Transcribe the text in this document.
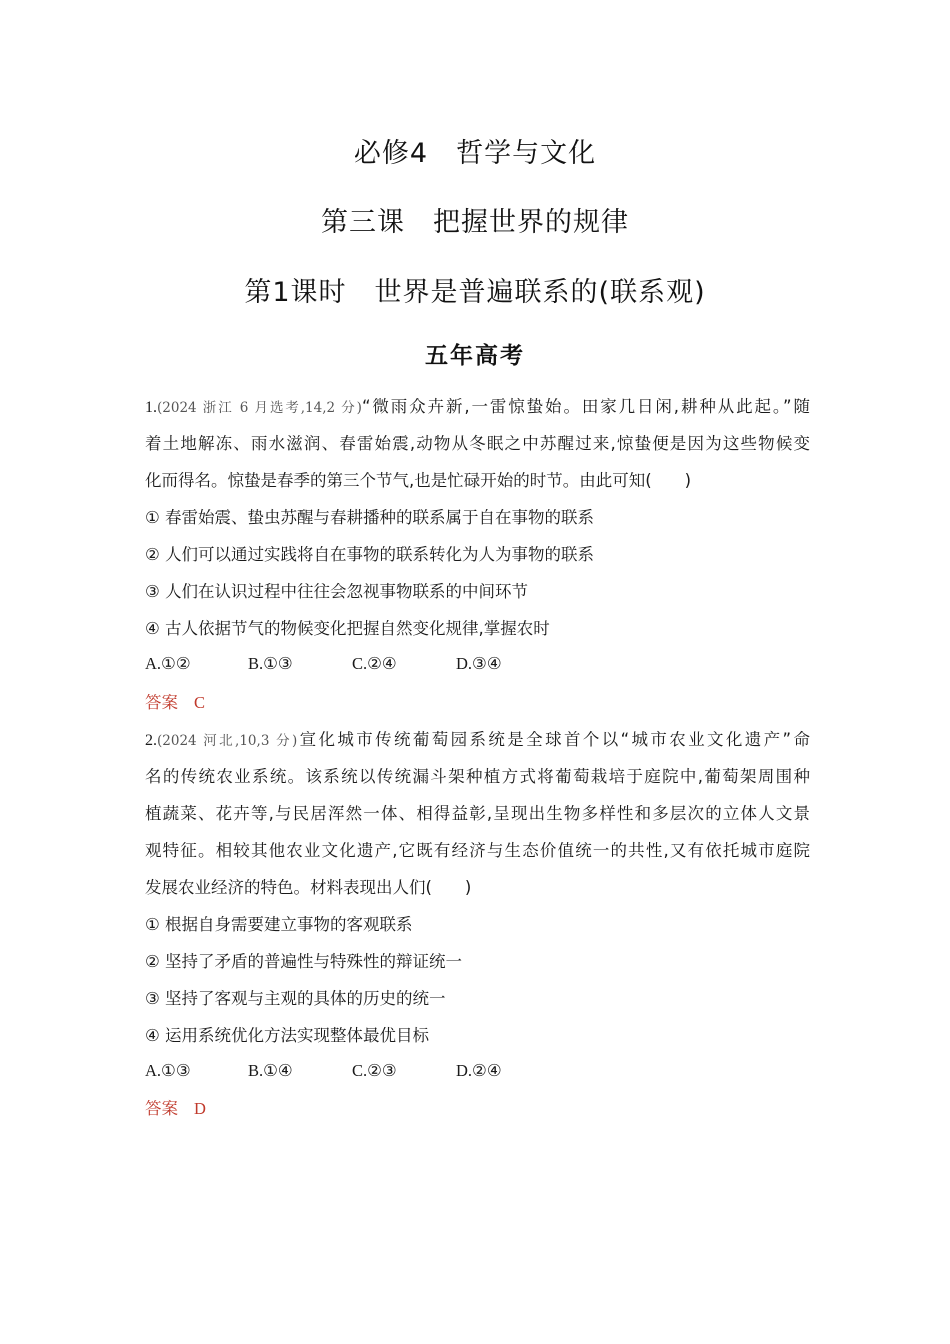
必修4　哲学与文化
第三课　把握世界的规律
第1课时　世界是普遍联系的(联系观)
五年高考
1.(2024 浙江 6 月选考,14,2 分)“微雨众卉新,一雷惊蛰始。田家几日闲,耕种从此起。”随
着土地解冻、雨水滋润、春雷始震,动物从冬眠之中苏醒过来,惊蛰便是因为这些物候变
化而得名。惊蛰是春季的第三个节气,也是忙碌开始的时节。由此可知(　　)
① 春雷始震、蛰虫苏醒与春耕播种的联系属于自在事物的联系
② 人们可以通过实践将自在事物的联系转化为人为事物的联系
③ 人们在认识过程中往往会忽视事物联系的中间环节
④ 古人依据节气的物候变化把握自然变化规律,掌握农时
A.①②	B.①③	C.②④	D.③④
答案 C
2.(2024 河北,10,3 分)宣化城市传统葡萄园系统是全球首个以“城市农业文化遗产”命
名的传统农业系统。该系统以传统漏斗架种植方式将葡萄栽培于庭院中,葡萄架周围种
植蔬菜、花卉等,与民居浑然一体、相得益彰,呈现出生物多样性和多层次的立体人文景
观特征。相较其他农业文化遗产,它既有经济与生态价值统一的共性,又有依托城市庭院
发展农业经济的特色。材料表现出人们(　　)
① 根据自身需要建立事物的客观联系
② 坚持了矛盾的普遍性与特殊性的辩证统一
③ 坚持了客观与主观的具体的历史的统一
④ 运用系统优化方法实现整体最优目标
A.①③	B.①④	C.②③	D.②④
答案 D
